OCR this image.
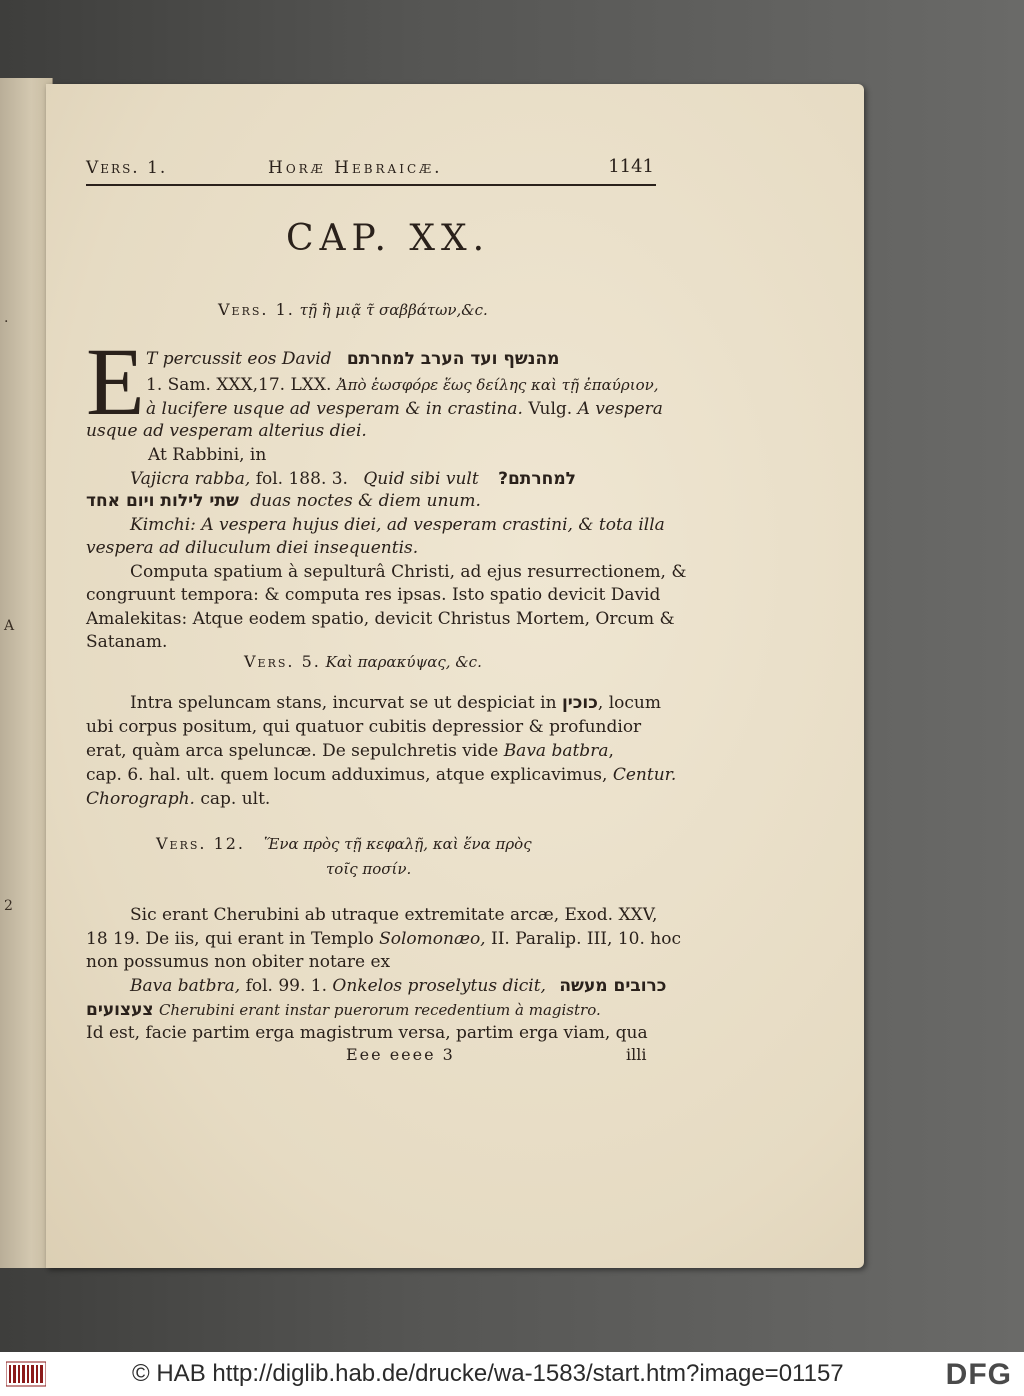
.
A
2
Vers. 1.	Horæ Hebraicæ.	1141
CAP. XX.
Vers. 1. τῇ ἢ μιᾷ τ̃ σαββάτων,&c.
E T percussit eos David מהנשף ועד הערב למחרתם
1. Sam. XXX,17. LXX. Ἀπὸ ἑωσφόρε ἕως δείλης καὶ τῇ ἐπαύριον,
à lucifere usque ad vesperam & in crastina. Vulg. A vespera
usque ad vesperam alterius diei.
At Rabbini, in
Vajicra rabba, fol. 188. 3. Quid sibi vult למחרתם?
שתי לילות ויום אחד duas noctes & diem unum.
Kimchi: A vespera hujus diei, ad vesperam crastini, & tota illa
vespera ad diluculum diei insequentis.
Computa spatium à sepulturâ Christi, ad ejus resurrectionem, &
congruunt tempora: & computa res ipsas. Isto spatio devicit David
Amalekitas: Atque eodem spatio, devicit Christus Mortem, Orcum &
Satanam.
Vers. 5. Καὶ παρακύψας, &c.
Intra speluncam stans, incurvat se ut despiciat in כוכין, locum
ubi corpus positum, qui quatuor cubitis depressior & profundior
erat, quàm arca speluncæ. De sepulchretis vide Bava batbra,
cap. 6. hal. ult. quem locum adduximus, atque explicavimus, Centur.
Chorograph. cap. ult.
Vers. 12. Ἕνα πρὸς τῇ κεφαλῇ, καὶ ἕνα πρὸς
τοῖς ποσίν.
Sic erant Cherubini ab utraque extremitate arcæ, Exod. XXV,
18 19. De iis, qui erant in Templo Solomonæo, II. Paralip. III, 10. hoc
non possumus non obiter notare ex
Bava batbra, fol. 99. 1. Onkelos proselytus dicit, כרובים מעשה
צעצועים Cherubini erant instar puerorum recedentium à magistro.
Id est, facie partim erga magistrum versa, partim erga viam, qua
Eee eeee 3	illi
© HAB http://diglib.hab.de/drucke/wa-1583/start.htm?image=01157	DFG
